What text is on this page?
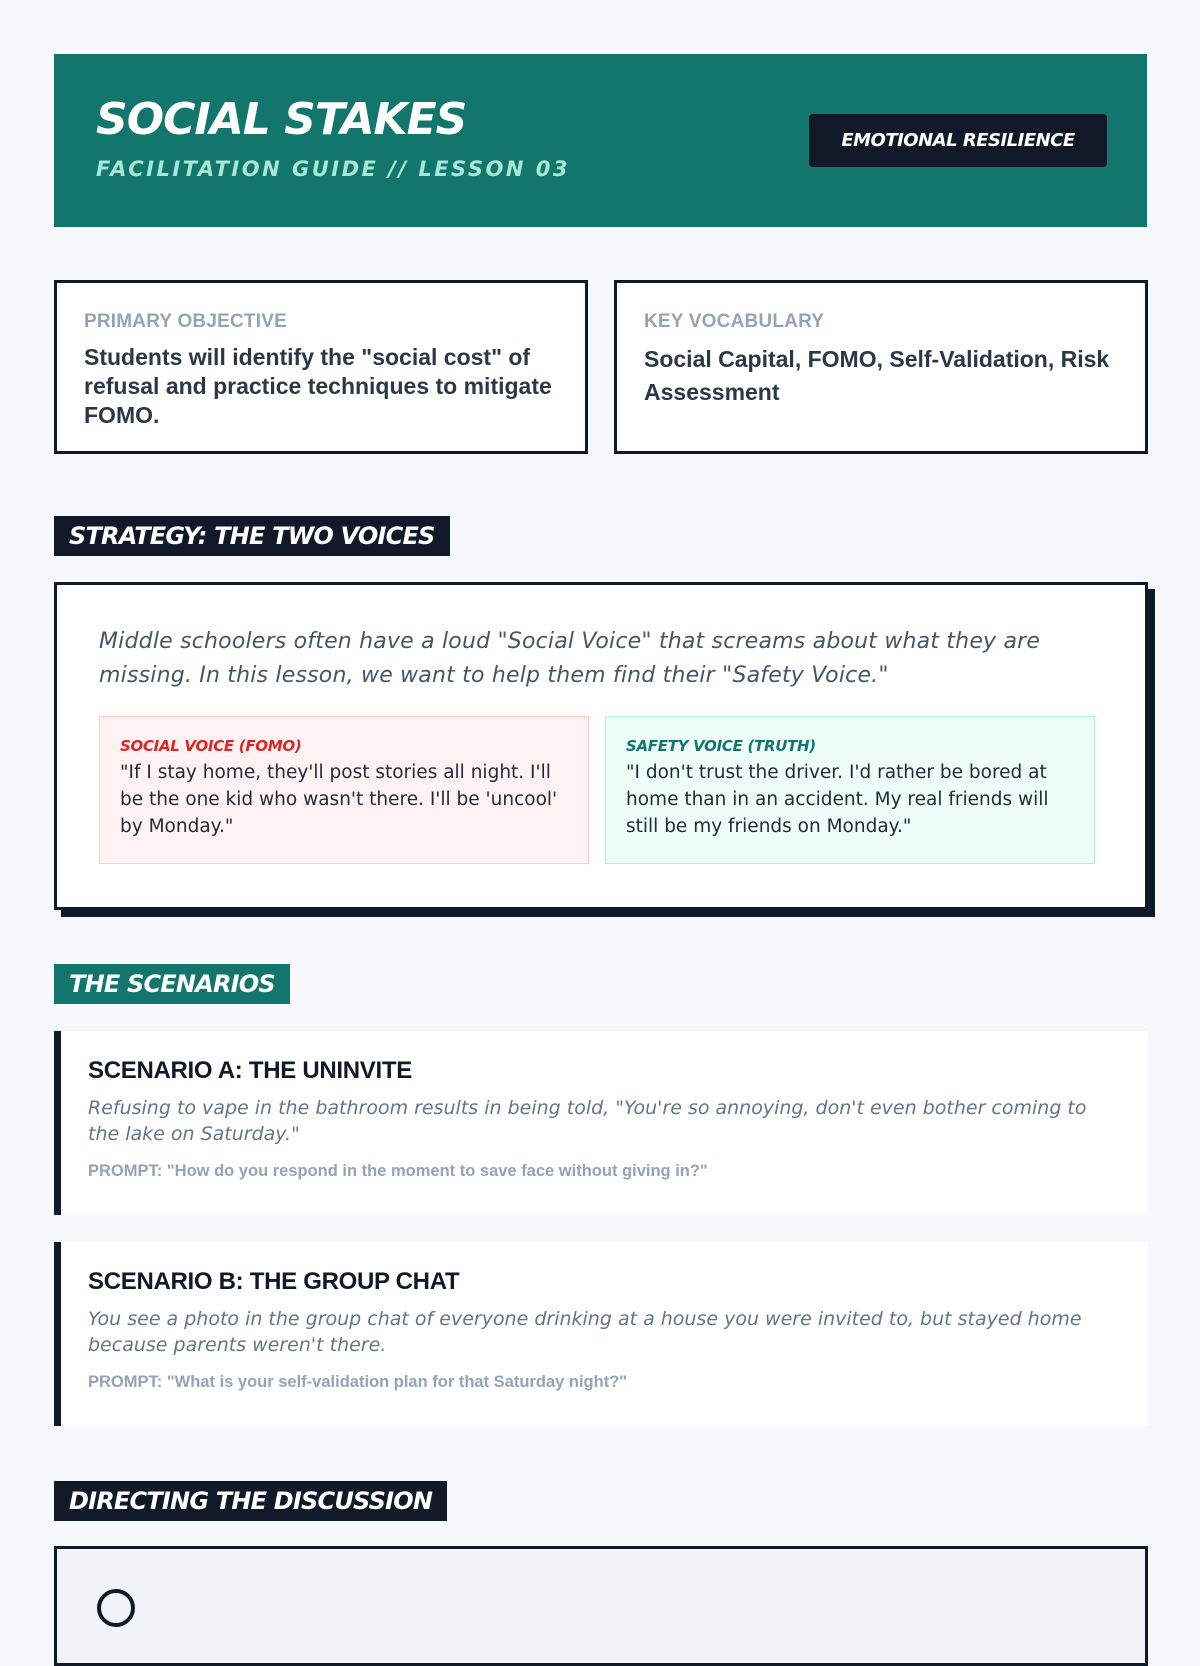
SOCIAL STAKES
FACILITATION GUIDE // LESSON 03
EMOTIONAL RESILIENCE
PRIMARY OBJECTIVE
Students will identify the "social cost" of refusal and practice techniques to mitigate FOMO.
KEY VOCABULARY
Social Capital, FOMO, Self-Validation, Risk Assessment
STRATEGY: THE TWO VOICES
Middle schoolers often have a loud "Social Voice" that screams about what they are missing. In this lesson, we want to help them find their "Safety Voice."
SOCIAL VOICE (FOMO)
"If I stay home, they'll post stories all night. I'll be the one kid who wasn't there. I'll be 'uncool' by Monday."
SAFETY VOICE (TRUTH)
"I don't trust the driver. I'd rather be bored at home than in an accident. My real friends will still be my friends on Monday."
THE SCENARIOS
SCENARIO A: THE UNINVITE
Refusing to vape in the bathroom results in being told, "You're so annoying, don't even bother coming to the lake on Saturday."
PROMPT: "How do you respond in the moment to save face without giving in?"
SCENARIO B: THE GROUP CHAT
You see a photo in the group chat of everyone drinking at a house you were invited to, but stayed home because parents weren't there.
PROMPT: "What is your self-validation plan for that Saturday night?"
DIRECTING THE DISCUSSION
